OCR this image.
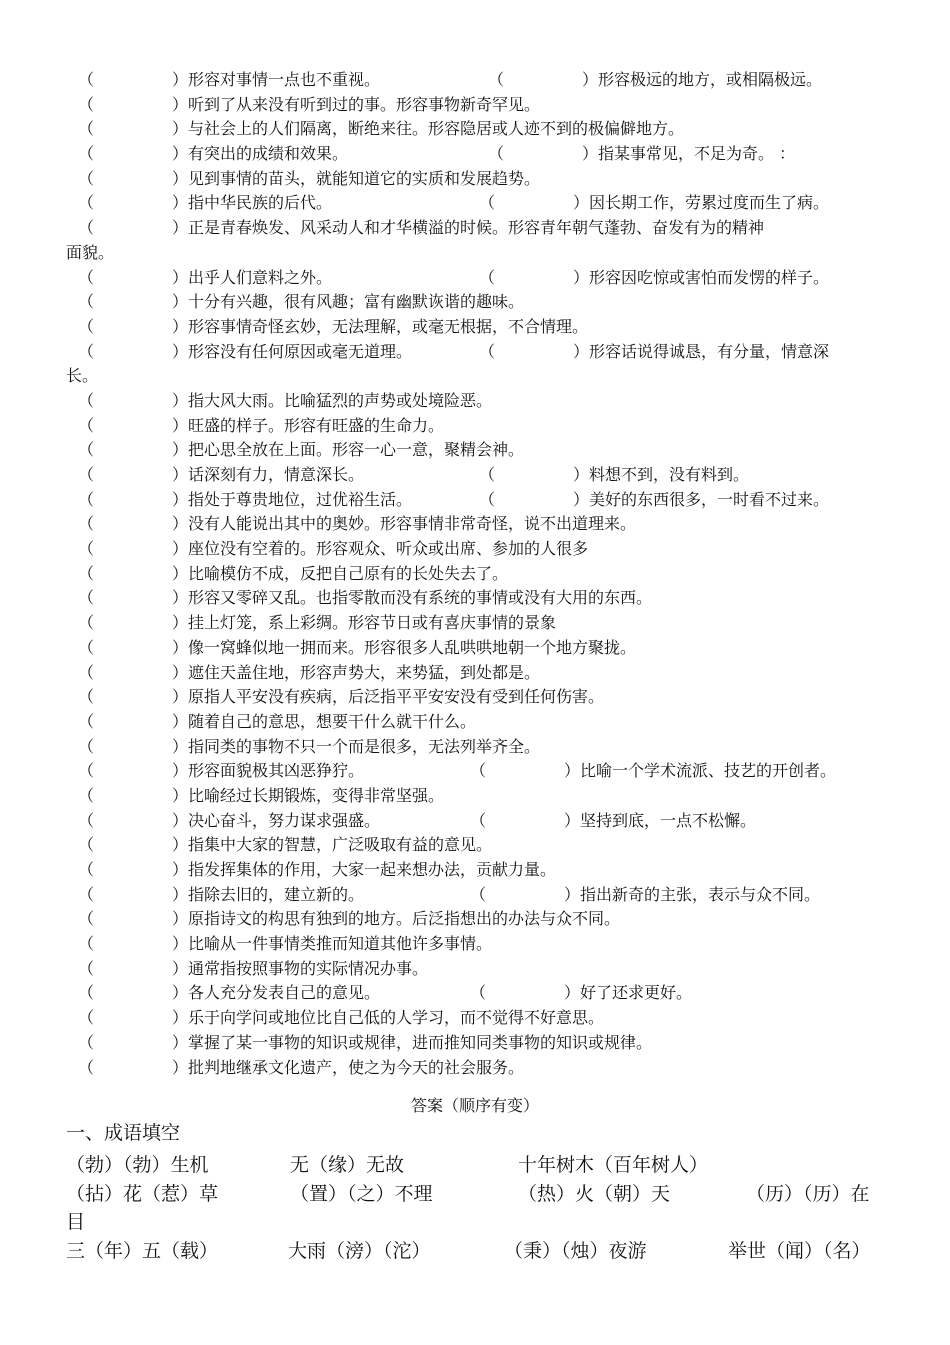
（	） 形容对事情一点也不重视。	（	） 形容极远的地方，或相隔极远。
（	） 听到了从来没有听到过的事。形容事物新奇罕见。
（	） 与社会上的人们隔离，断绝来往。形容隐居或人迹不到的极偏僻地方。
（	） 有突出的成绩和效果。	（	） 指某事常见，不足为奇。 ：
（	） 见到事情的苗头，就能知道它的实质和发展趋势。
（	） 指中华民族的后代。	（	） 因长期工作，劳累过度而生了病。
（	） 正是青春焕发、风采动人和才华横溢的时候。形容青年朝气蓬勃、奋发有为的精神
面貌。
（	） 出乎人们意料之外。	（	） 形容因吃惊或害怕而发愣的样子。
（	） 十分有兴趣，很有风趣；富有幽默诙谐的趣味。
（	） 形容事情奇怪玄妙，无法理解，或毫无根据，不合情理。
（	） 形容没有任何原因或毫无道理。	（	） 形容话说得诚恳，有分量，情意深
长。
（	） 指大风大雨。比喻猛烈的声势或处境险恶。
（	） 旺盛的样子。形容有旺盛的生命力。
（	） 把心思全放在上面。形容一心一意，聚精会神。
（	） 话深刻有力，情意深长。	（	） 料想不到，没有料到。
（	） 指处于尊贵地位，过优裕生活。	（	） 美好的东西很多，一时看不过来。
（	） 没有人能说出其中的奥妙。形容事情非常奇怪，说不出道理来。
（	） 座位没有空着的。形容观众、听众或出席、参加的人很多
（	） 比喻模仿不成，反把自己原有的长处失去了。
（	） 形容又零碎又乱。也指零散而没有系统的事情或没有大用的东西。
（	） 挂上灯笼，系上彩绸。形容节日或有喜庆事情的景象
（	） 像一窝蜂似地一拥而来。形容很多人乱哄哄地朝一个地方聚拢。
（	） 遮住天盖住地，形容声势大，来势猛，到处都是。
（	） 原指人平安没有疾病，后泛指平平安安没有受到任何伤害。
（	） 随着自己的意思，想要干什么就干什么。
（	） 指同类的事物不只一个而是很多，无法列举齐全。
（	） 形容面貌极其凶恶狰狞。	（	） 比喻一个学术流派、技艺的开创者。
（	） 比喻经过长期锻炼，变得非常坚强。
（	） 决心奋斗，努力谋求强盛。	（	） 坚持到底，一点不松懈。
（	） 指集中大家的智慧，广泛吸取有益的意见。
（	） 指发挥集体的作用，大家一起来想办法，贡献力量。
（	） 指除去旧的，建立新的。	（	） 指出新奇的主张，表示与众不同。
（	） 原指诗文的构思有独到的地方。后泛指想出的办法与众不同。
（	） 比喻从一件事情类推而知道其他许多事情。
（	） 通常指按照事物的实际情况办事。
（	） 各人充分发表自己的意见。	（	） 好了还求更好。
（	） 乐于向学问或地位比自己低的人学习，而不觉得不好意思。
（	） 掌握了某一事物的知识或规律，进而推知同类事物的知识或规律。
（	） 批判地继承文化遗产，使之为今天的社会服务。
答案（顺序有变）
一、成语填空
（勃）（勃）生机	无（缘）无故	十年树木（百年树人）
（拈）花（惹）草	（置）（之）不理	（热）火（朝）天	（历）（历）在
目
三（年）五（载）	大雨（滂）（沱）	（秉）（烛）夜游	举世（闻）（名）
